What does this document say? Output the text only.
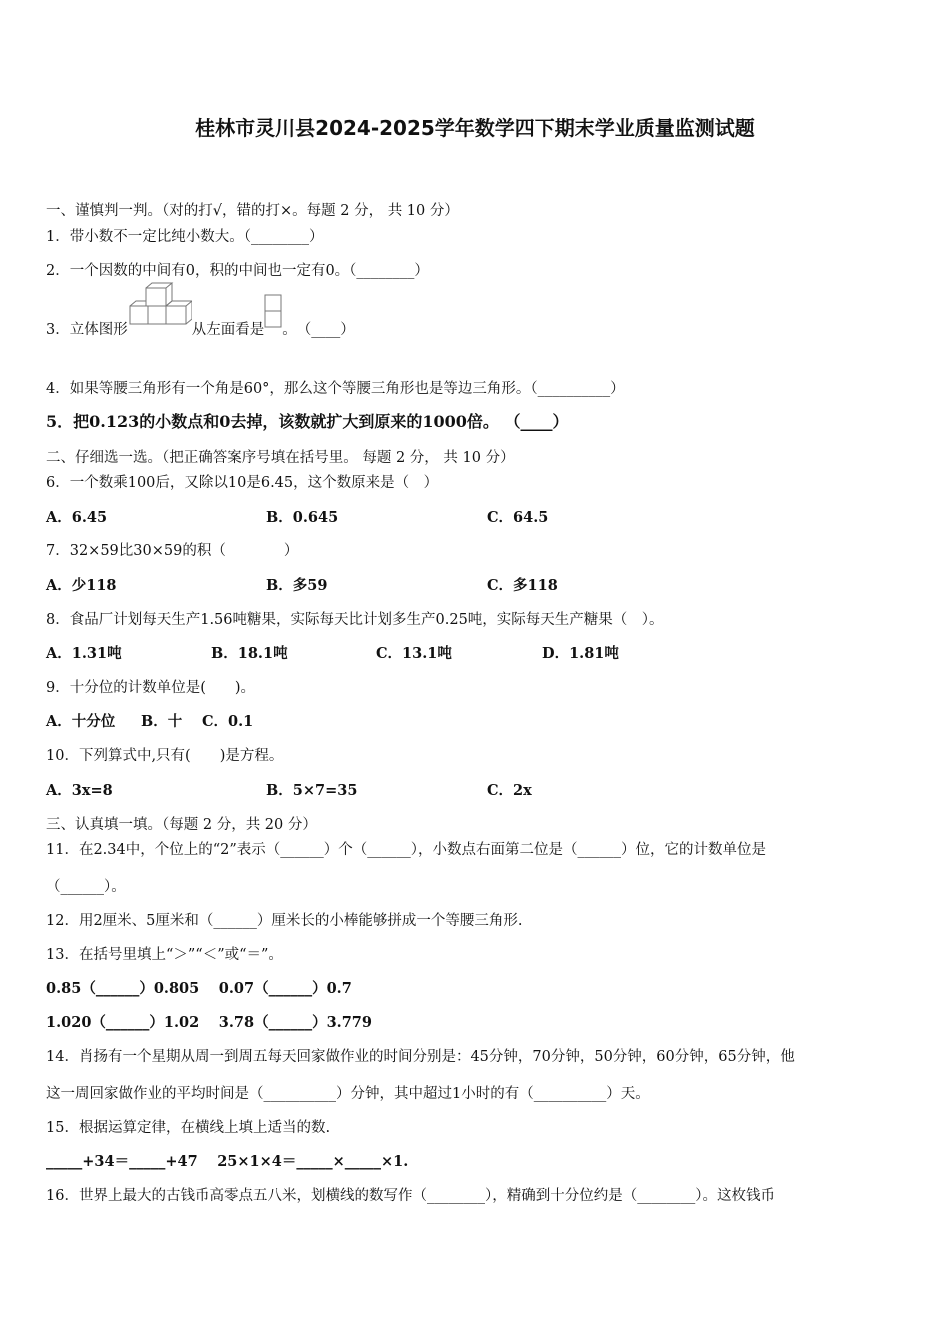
桂林市灵川县2024-2025学年数学四下期末学业质量监测试题
一、谨慎判一判。（对的打√，错的打×。每题 2 分， 共 10 分）
1．带小数不一定比纯小数大。（________）
2．一个因数的中间有0，积的中间也一定有0。（________）
3．立体图形	从左面看是 。　（____）
4．如果等腰三角形有一个角是60°，那么这个等腰三角形也是等边三角形。（__________）
5．把0.123的小数点和0去掉，该数就扩大到原来的1000倍。 （____）
二、仔细选一选。（把正确答案序号填在括号里。 每题 2 分， 共 10 分）
6．一个数乘100后，又除以10是6.45，这个数原来是（　）
A．6.45	B．0.645	C．64.5
7．32×59比30×59的积（　　　　）
A．少118	B．多59	C．多118
8．食品厂计划每天生产1.56吨糖果，实际每天比计划多生产0.25吨，实际每天生产糖果（　）。
A．1.31吨	B．18.1吨	C．13.1吨	D．1.81吨
9．十分位的计数单位是(　　)。
A．十分位 B．十 C．0.1
10．下列算式中,只有(　　)是方程。
A．3x=8	B．5×7=35	C．2x
三、认真填一填。（每题 2 分，共 20 分）
11．在2.34中，个位上的“2”表示（______）个（______），小数点右面第二位是（______）位，它的计数单位是
（______）。
12．用2厘米、5厘米和（______）厘米长的小棒能够拼成一个等腰三角形.
13．在括号里填上“＞”“＜”或“＝”。
0.85（______）0.805　 0.07（______）0.7
1.020（______）1.02　 3.78（______）3.779
14．肖扬有一个星期从周一到周五每天回家做作业的时间分别是：45分钟，70分钟，50分钟，60分钟，65分钟，他
这一周回家做作业的平均时间是（__________）分钟，其中超过1小时的有（__________）天。
15．根据运算定律，在横线上填上适当的数.
_____+34＝_____+47　 25×1×4＝_____×_____×1.
16．世界上最大的古钱币高零点五八米，划横线的数写作（________），精确到十分位约是（________）。这枚钱币
